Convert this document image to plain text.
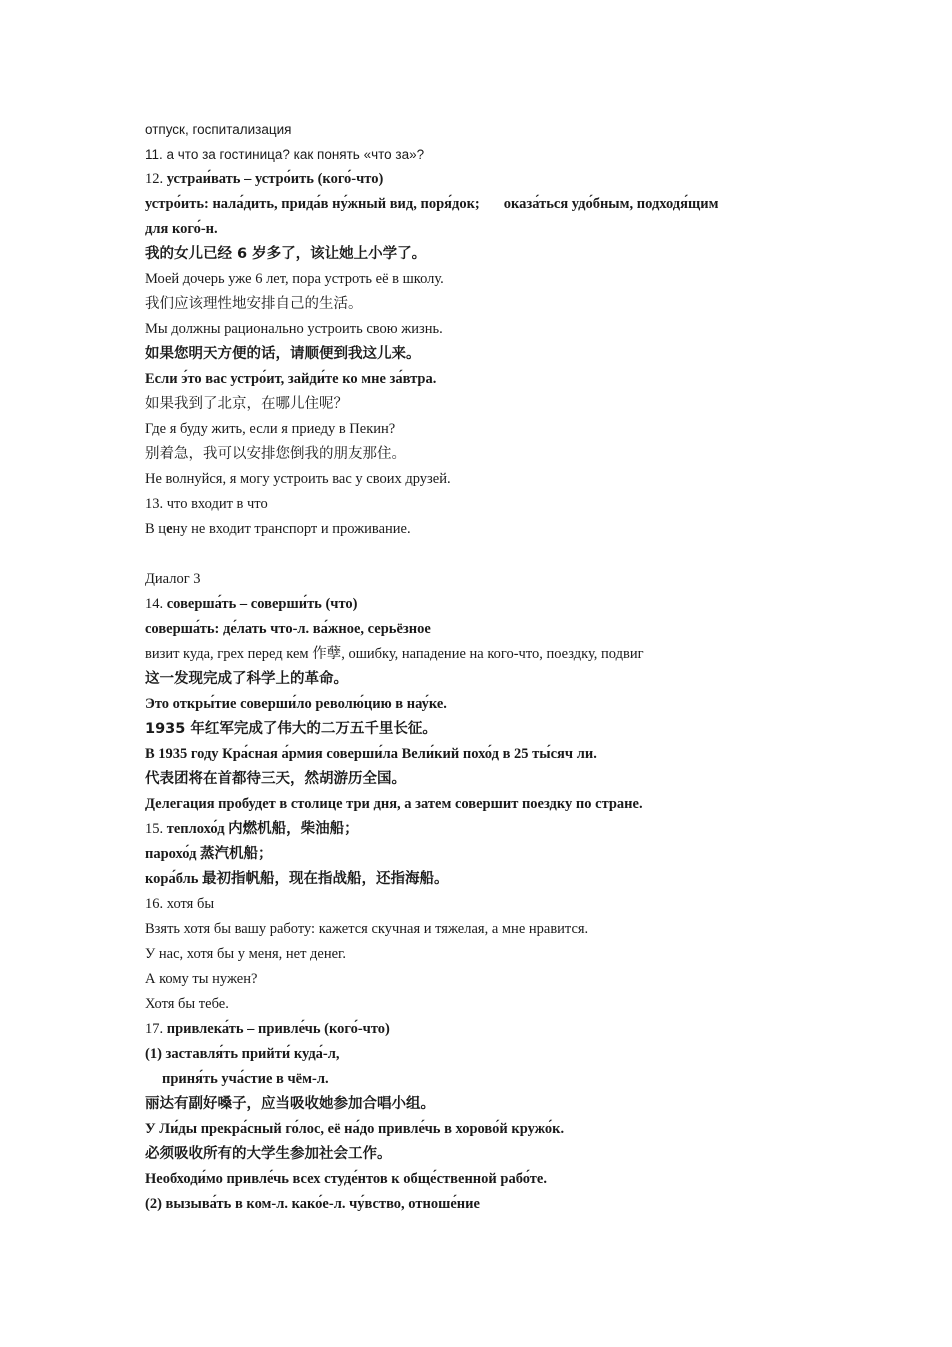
отпуск, госпитализация
11. а что за гостиница? как понять «что за»?
12. устраи́вать – устро́ить (кого́-что)
устро́ить: нала́дить, прида́в ну́жный вид, поря́док; оказа́ться удо́бным, подходя́щим
для кого́-н.
我的女儿已经 6 岁多了，该让她上小学了。
Моей дочерь уже 6 лет, пора устроть её в школу.
我们应该理性地安排自己的生活。
Мы должны рационально устроить свою жизнь.
如果您明天方便的话，请顺便到我这儿来。
Если э́то вас устро́ит, зайди́те ко мне за́втра.
如果我到了北京，在哪儿住呢？
Где я буду жить, если я приеду в Пекин?
别着急，我可以安排您倒我的朋友那住。
Не волнуйся, я могу устроить вас у своих друзей.
13. что входит в что
В цену не входит транспорт и проживание.
Диалог 3
14. соверша́ть – соверши́ть (что)
соверша́ть: де́лать что-л. ва́жное, серьёзное
визит куда, грех перед кем 作孽, ошибку, нападение на кого-что, поездку, подвиг
这一发现完成了科学上的革命。
Это откры́тие соверши́ло револю́цию в нау́ке.
1935 年红军完成了伟大的二万五千里长征。
В 1935 году Кра́сная а́рмия соверши́ла Вели́кий похо́д в 25 ты́сяч ли.
代表团将在首都待三天，然胡游历全国。
Делегация пробудет в столице три дня, а затем совершит поездку по стране.
15. теплохо́д 内燃机船，柴油船；
парохо́д 蒸汽机船；
кора́бль 最初指帆船，现在指战船，还指海船。
16. хотя бы
Взять хотя бы вашу работу: кажется скучная и тяжелая, а мне нравится.
У нас, хотя бы у меня, нет денег.
А кому ты нужен?
Хотя бы тебе.
17. привлека́ть – привле́чь (кого́-что)
(1) заставля́ть прийти́ куда́-л,
приня́ть уча́стие в чём-л.
丽达有副好嗓子，应当吸收她参加合唱小组。
У Ли́ды прекра́сный го́лос, её на́до привле́чь в хорово́й кружо́к.
必须吸收所有的大学生参加社会工作。
Необходи́мо привле́чь всех студе́нтов к обще́ственной рабо́те.
(2) вызыва́ть в ком-л. како́е-л. чу́вство, отноше́ние
